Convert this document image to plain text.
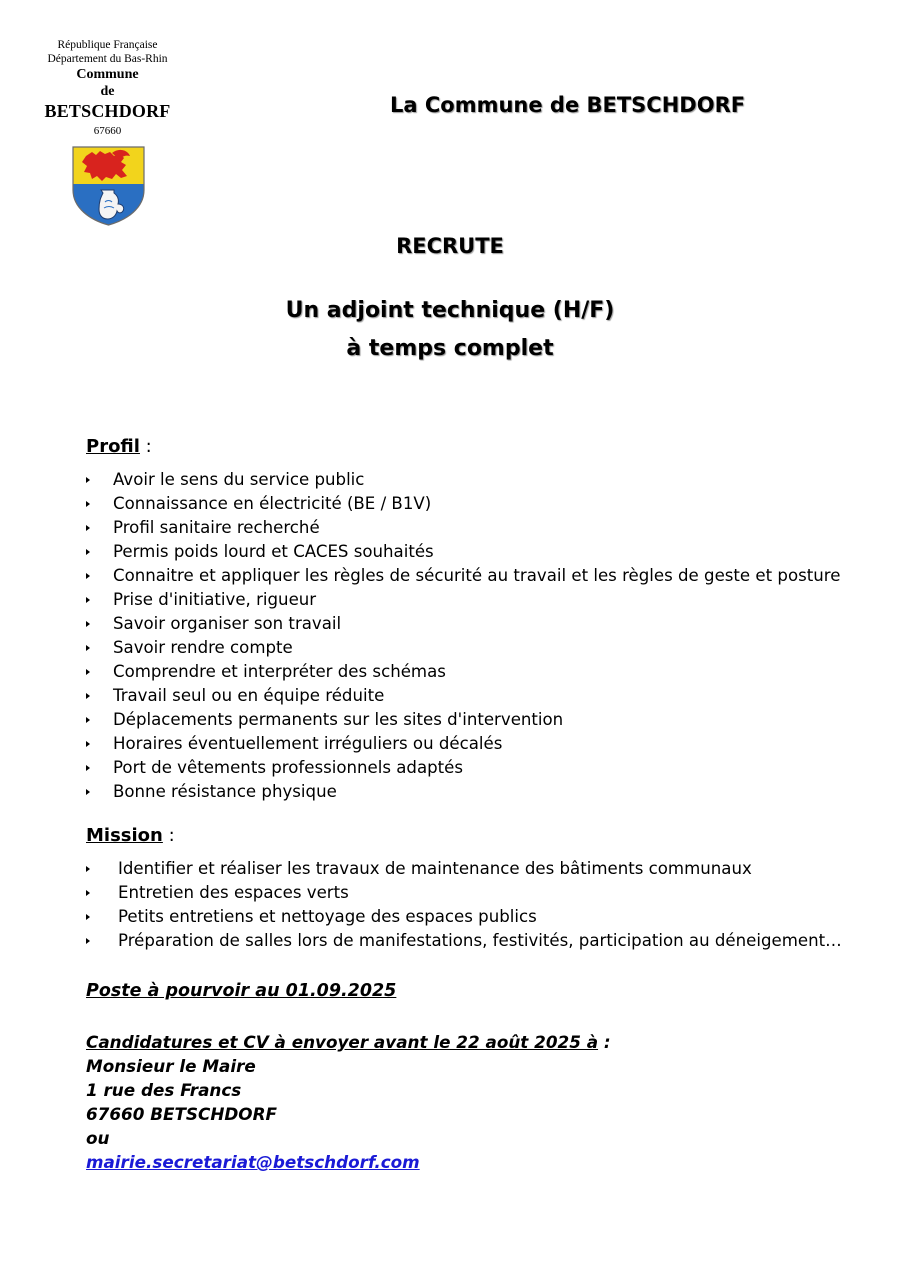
République Française
Département du Bas-Rhin
Commune
de
BETSCHDORF
67660
La Commune de BETSCHDORF
RECRUTE
Un adjoint technique (H/F)
à temps complet
Profil :
Avoir le sens du service public
Connaissance en électricité (BE / B1V)
Profil sanitaire recherché
Permis poids lourd et CACES souhaités
Connaitre et appliquer les règles de sécurité au travail et les règles de geste et posture
Prise d'initiative, rigueur
Savoir organiser son travail
Savoir rendre compte
Comprendre et interpréter des schémas
Travail seul ou en équipe réduite
Déplacements permanents sur les sites d'intervention
Horaires éventuellement irréguliers ou décalés
Port de vêtements professionnels adaptés
Bonne résistance physique
Mission :
Identifier et réaliser les travaux de maintenance des bâtiments communaux
Entretien des espaces verts
Petits entretiens et nettoyage des espaces publics
Préparation de salles lors de manifestations, festivités, participation au déneigement…
Poste à pourvoir au 01.09.2025
Candidatures et CV à envoyer avant le 22 août 2025 à :
Monsieur le Maire
1 rue des Francs
67660 BETSCHDORF
ou
mairie.secretariat@betschdorf.com
